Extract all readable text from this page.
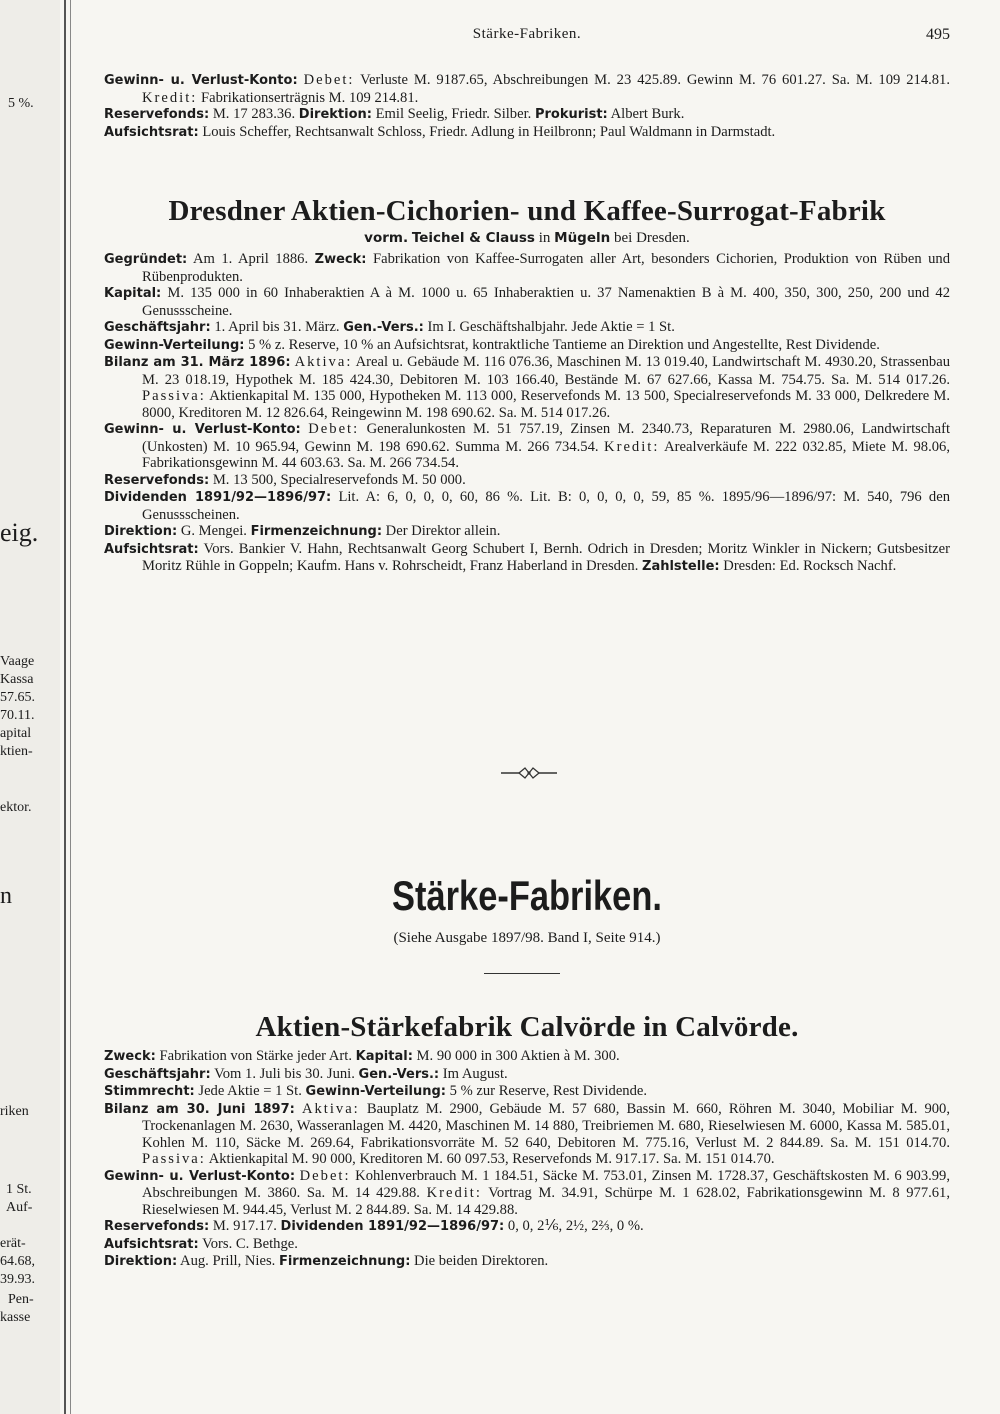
5 %.
eig.
Vaage
Kassa
57.65.
70.11.
apital
ktien-
ektor.
n
riken
1 St.
Auf-
erät-
64.68,
39.93.
Pen-
kasse
Stärke-Fabriken.	495

Gewinn- u. Verlust-Konto: Debet: Verluste M. 9187.65, Abschreibungen M. 23 425.89. Gewinn M. 76 601.27. Sa. M. 109 214.81. Kredit: Fabrikationserträgnis M. 109 214.81.

Reservefonds: M. 17 283.36. Direktion: Emil Seelig, Friedr. Silber. Prokurist: Albert Burk.

Aufsichtsrat: Louis Scheffer, Rechtsanwalt Schloss, Friedr. Adlung in Heilbronn; Paul Waldmann in Darmstadt.

Dresdner Aktien-Cichorien- und Kaffee-Surrogat-Fabrik
vorm. Teichel & Clauss in Mügeln bei Dresden.

Gegründet: Am 1. April 1886. Zweck: Fabrikation von Kaffee-Surrogaten aller Art, besonders Cichorien, Produktion von Rüben und Rübenprodukten.

Kapital: M. 135 000 in 60 Inhaberaktien A à M. 1000 u. 65 Inhaberaktien u. 37 Namenaktien B à M. 400, 350, 300, 250, 200 und 42 Genussscheine.

Geschäftsjahr: 1. April bis 31. März. Gen.-Vers.: Im I. Geschäftshalbjahr. Jede Aktie = 1 St.

Gewinn-Verteilung: 5 % z. Reserve, 10 % an Aufsichtsrat, kontraktliche Tantieme an Direktion und Angestellte, Rest Dividende.

Bilanz am 31. März 1896: Aktiva: Areal u. Gebäude M. 116 076.36, Maschinen M. 13 019.40, Landwirtschaft M. 4930.20, Strassenbau M. 23 018.19, Hypothek M. 185 424.30, Debitoren M. 103 166.40, Bestände M. 67 627.66, Kassa M. 754.75. Sa. M. 514 017.26. Passiva: Aktienkapital M. 135 000, Hypotheken M. 113 000, Reservefonds M. 13 500, Specialreservefonds M. 33 000, Delkredere M. 8000, Kreditoren M. 12 826.64, Reingewinn M. 198 690.62. Sa. M. 514 017.26.

Gewinn- u. Verlust-Konto: Debet: Generalunkosten M. 51 757.19, Zinsen M. 2340.73, Reparaturen M. 2980.06, Landwirtschaft (Unkosten) M. 10 965.94, Gewinn M. 198 690.62. Summa M. 266 734.54. Kredit: Arealverkäufe M. 222 032.85, Miete M. 98.06, Fabrikationsgewinn M. 44 603.63. Sa. M. 266 734.54.

Reservefonds: M. 13 500, Specialreservefonds M. 50 000.

Dividenden 1891/92—1896/97: Lit. A: 6, 0, 0, 0, 60, 86 %. Lit. B: 0, 0, 0, 0, 59, 85 %. 1895/96—1896/97: M. 540, 796 den Genussscheinen.

Direktion: G. Mengei. Firmenzeichnung: Der Direktor allein.

Aufsichtsrat: Vors. Bankier V. Hahn, Rechtsanwalt Georg Schubert I, Bernh. Odrich in Dresden; Moritz Winkler in Nickern; Gutsbesitzer Moritz Rühle in Goppeln; Kaufm. Hans v. Rohrscheidt, Franz Haberland in Dresden. Zahlstelle: Dresden: Ed. Rocksch Nachf.

Stärke-Fabriken.
(Siehe Ausgabe 1897/98. Band I, Seite 914.)
Aktien-Stärkefabrik Calvörde in Calvörde.

Zweck: Fabrikation von Stärke jeder Art. Kapital: M. 90 000 in 300 Aktien à M. 300.

Geschäftsjahr: Vom 1. Juli bis 30. Juni. Gen.-Vers.: Im August.

Stimmrecht: Jede Aktie = 1 St. Gewinn-Verteilung: 5 % zur Reserve, Rest Dividende.

Bilanz am 30. Juni 1897: Aktiva: Bauplatz M. 2900, Gebäude M. 57 680, Bassin M. 660, Röhren M. 3040, Mobiliar M. 900, Trockenanlagen M. 2630, Wasseranlagen M. 4420, Maschinen M. 14 880, Treibriemen M. 680, Rieselwiesen M. 6000, Kassa M. 585.01, Kohlen M. 110, Säcke M. 269.64, Fabrikationsvorräte M. 52 640, Debitoren M. 775.16, Verlust M. 2 844.89. Sa. M. 151 014.70. Passiva: Aktienkapital M. 90 000, Kreditoren M. 60 097.53, Reservefonds M. 917.17. Sa. M. 151 014.70.

Gewinn- u. Verlust-Konto: Debet: Kohlenverbrauch M. 1 184.51, Säcke M. 753.01, Zinsen M. 1728.37, Geschäftskosten M. 6 903.99, Abschreibungen M. 3860. Sa. M. 14 429.88. Kredit: Vortrag M. 34.91, Schürpe M. 1 628.02, Fabrikationsgewinn M. 8 977.61, Rieselwiesen M. 944.45, Verlust M. 2 844.89. Sa. M. 14 429.88.

Reservefonds: M. 917.17. Dividenden 1891/92—1896/97: 0, 0, 2⅙, 2½, 2⅔, 0 %.

Aufsichtsrat: Vors. C. Bethge.

Direktion: Aug. Prill, Nies. Firmenzeichnung: Die beiden Direktoren.
